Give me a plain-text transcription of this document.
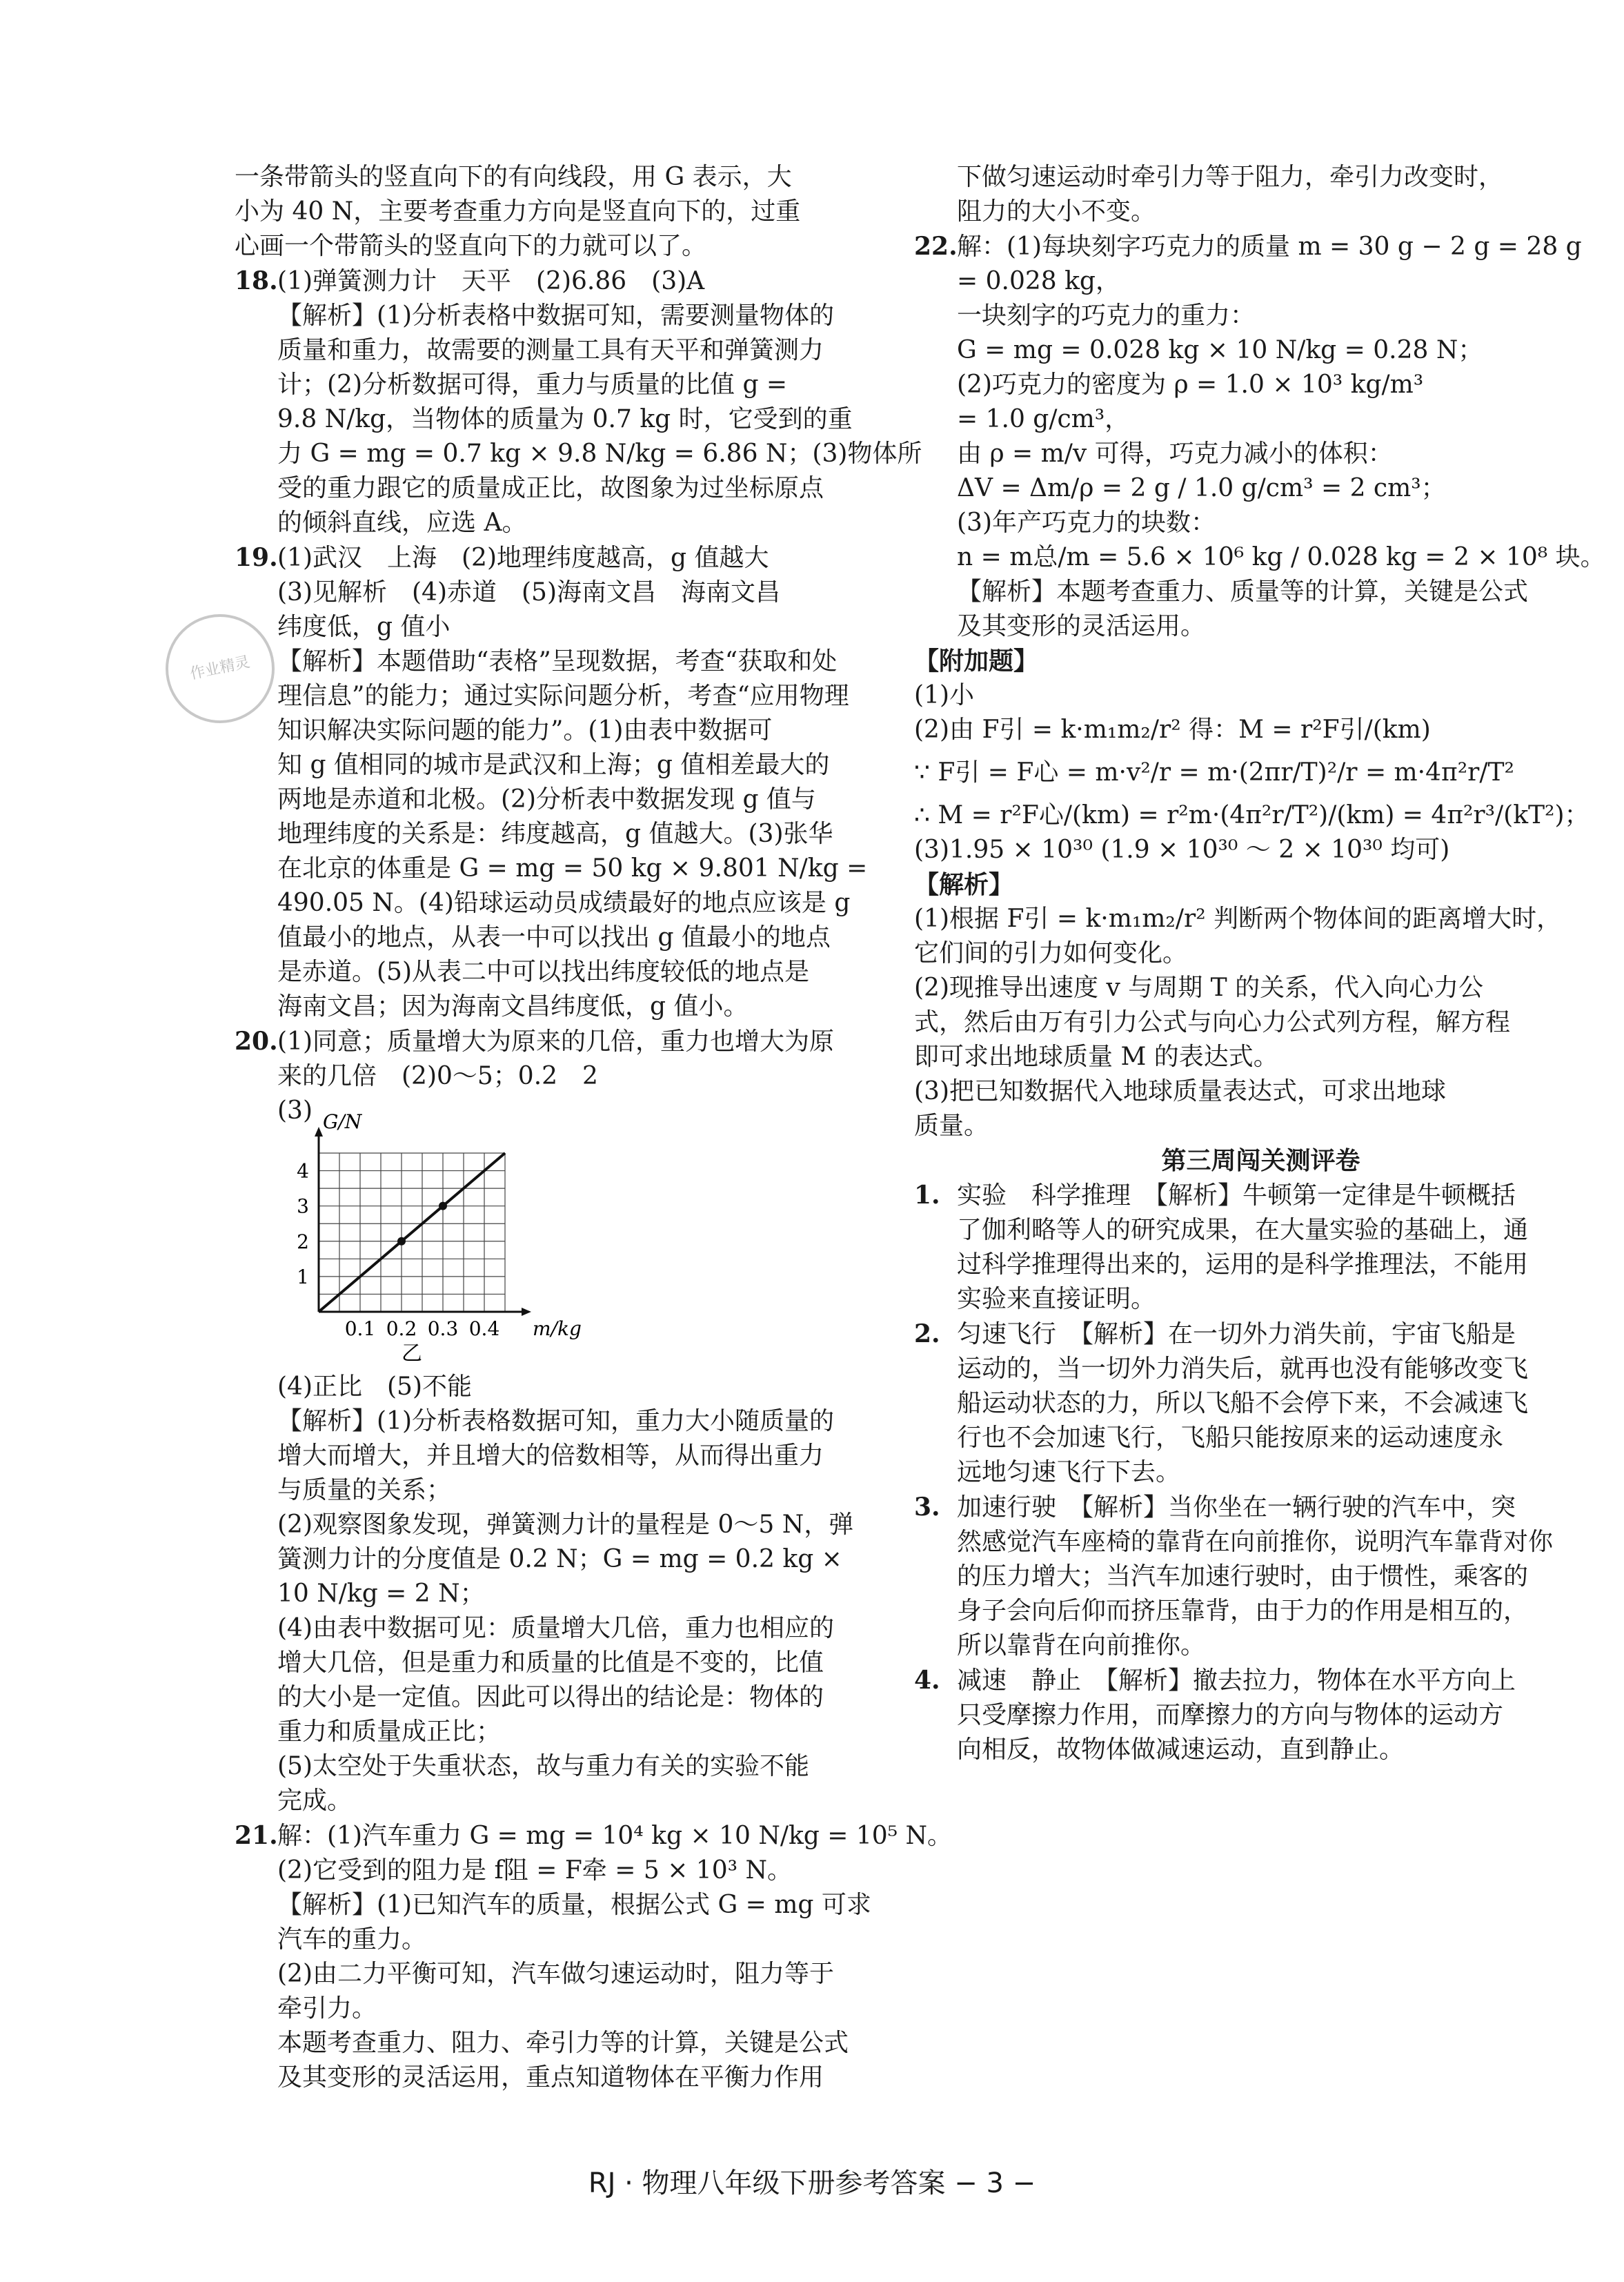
作业精灵

一条带箭头的竖直向下的有向线段，用 G 表示，大

小为 40 N，主要考查重力方向是竖直向下的，过重

心画一个带箭头的竖直向下的力就可以了。

18.(1)弹簧测力计　天平　(2)6.86　(3)A

【解析】(1)分析表格中数据可知，需要测量物体的

质量和重力，故需要的测量工具有天平和弹簧测力

计；(2)分析数据可得，重力与质量的比值 g =

9.8 N/kg，当物体的质量为 0.7 kg 时，它受到的重

力 G = mg = 0.7 kg × 9.8 N/kg = 6.86 N；(3)物体所

受的重力跟它的质量成正比，故图象为过坐标原点

的倾斜直线，应选 A。

19.(1)武汉　上海　(2)地理纬度越高，g 值越大

(3)见解析　(4)赤道　(5)海南文昌　海南文昌

纬度低，g 值小

【解析】本题借助“表格”呈现数据，考查“获取和处

理信息”的能力；通过实际问题分析，考查“应用物理

知识解决实际问题的能力”。(1)由表中数据可

知 g 值相同的城市是武汉和上海；g 值相差最大的

两地是赤道和北极。(2)分析表中数据发现 g 值与

地理纬度的关系是：纬度越高，g 值越大。(3)张华

在北京的体重是 G = mg = 50 kg × 9.801 N/kg =

490.05 N。(4)铅球运动员成绩最好的地点应该是 g

值最小的地点，从表一中可以找出 g 值最小的地点

是赤道。(5)从表二中可以找出纬度较低的地点是

海南文昌；因为海南文昌纬度低，g 值小。

20.(1)同意；质量增大为原来的几倍，重力也增大为原

来的几倍　(2)0～5；0.2　2

(3)

0.1 0.2 0.3 0.4
1
2
3
4
G/N
m/kg
乙

(4)正比　(5)不能

【解析】(1)分析表格数据可知，重力大小随质量的

增大而增大，并且增大的倍数相等，从而得出重力

与质量的关系；

(2)观察图象发现，弹簧测力计的量程是 0～5 N，弹

簧测力计的分度值是 0.2 N；G = mg = 0.2 kg ×

10 N/kg = 2 N；

(4)由表中数据可见：质量增大几倍，重力也相应的

增大几倍，但是重力和质量的比值是不变的，比值

的大小是一定值。因此可以得出的结论是：物体的

重力和质量成正比；

(5)太空处于失重状态，故与重力有关的实验不能

完成。

21.解：(1)汽车重力 G = mg = 10⁴ kg × 10 N/kg = 10⁵ N。

(2)它受到的阻力是 f阻 = F牵 = 5 × 10³ N。

【解析】(1)已知汽车的质量，根据公式 G = mg 可求

汽车的重力。

(2)由二力平衡可知，汽车做匀速运动时，阻力等于

牵引力。

本题考查重力、阻力、牵引力等的计算，关键是公式

及其变形的灵活运用，重点知道物体在平衡力作用

下做匀速运动时牵引力等于阻力，牵引力改变时，

阻力的大小不变。

22.解：(1)每块刻字巧克力的质量 m = 30 g − 2 g = 28 g

= 0.028 kg，

一块刻字的巧克力的重力：

G = mg = 0.028 kg × 10 N/kg = 0.28 N；

(2)巧克力的密度为 ρ = 1.0 × 10³ kg/m³

= 1.0 g/cm³，

由 ρ = m/v 可得，巧克力减小的体积：

ΔV = Δm/ρ = 2 g / 1.0 g/cm³ = 2 cm³；

(3)年产巧克力的块数：

n = m总/m = 5.6 × 10⁶ kg / 0.028 kg = 2 × 10⁸ 块。

【解析】本题考查重力、质量等的计算，关键是公式

及其变形的灵活运用。

【附加题】

(1)小

(2)由 F引 = k·m₁m₂/r² 得：M = r²F引/(km)

∵ F引 = F心 = m·v²/r = m·(2πr/T)²/r = m·4π²r/T²

∴ M = r²F心/(km) = r²m·(4π²r/T²)/(km) = 4π²r³/(kT²)；

(3)1.95 × 10³⁰ (1.9 × 10³⁰ ～ 2 × 10³⁰ 均可)

【解析】

(1)根据 F引 = k·m₁m₂/r² 判断两个物体间的距离增大时，

它们间的引力如何变化。

(2)现推导出速度 v 与周期 T 的关系，代入向心力公

式，然后由万有引力公式与向心力公式列方程，解方程

即可求出地球质量 M 的表达式。

(3)把已知数据代入地球质量表达式，可求出地球

质量。

第三周闯关测评卷

1. 实验　科学推理　【解析】牛顿第一定律是牛顿概括

了伽利略等人的研究成果，在大量实验的基础上，通

过科学推理得出来的，运用的是科学推理法，不能用

实验来直接证明。

2. 匀速飞行　【解析】在一切外力消失前，宇宙飞船是

运动的，当一切外力消失后，就再也没有能够改变飞

船运动状态的力，所以飞船不会停下来，不会减速飞

行也不会加速飞行，飞船只能按原来的运动速度永

远地匀速飞行下去。

3. 加速行驶　【解析】当你坐在一辆行驶的汽车中，突

然感觉汽车座椅的靠背在向前推你，说明汽车靠背对你

的压力增大；当汽车加速行驶时，由于惯性，乘客的

身子会向后仰而挤压靠背，由于力的作用是相互的，

所以靠背在向前推你。

4. 减速　静止　【解析】撤去拉力，物体在水平方向上

只受摩擦力作用，而摩擦力的方向与物体的运动方

向相反，故物体做减速运动，直到静止。

RJ · 物理八年级下册参考答案 − 3 −
